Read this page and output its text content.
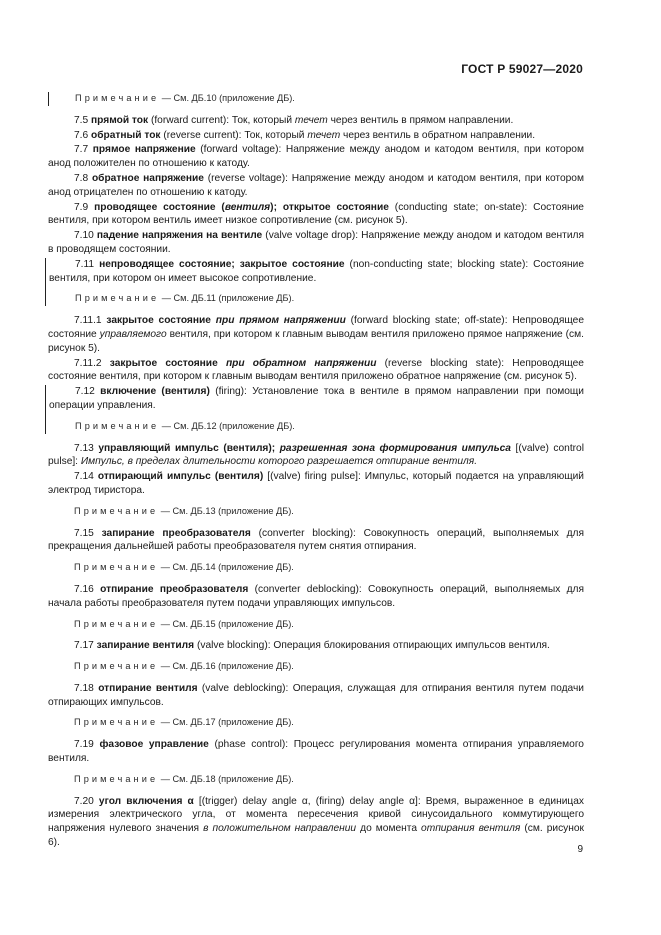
ГОСТ Р 59027—2020

Примечание — См. ДБ.10 (приложение ДБ).

7.5 прямой ток (forward current): Ток, который течет через вентиль в прямом направлении.

7.6 обратный ток (reverse current): Ток, который течет через вентиль в обратном направлении.

7.7 прямое напряжение (forward voltage): Напряжение между анодом и катодом вентиля, при котором анод положителен по отношению к катоду.

7.8 обратное напряжение (reverse voltage): Напряжение между анодом и катодом вентиля, при котором анод отрицателен по отношению к катоду.

7.9 проводящее состояние (вентиля); открытое состояние (conducting state; on-state): Состояние вентиля, при котором вентиль имеет низкое сопротивление (см. рисунок 5).

7.10 падение напряжения на вентиле (valve voltage drop): Напряжение между анодом и катодом вентиля в проводящем состоянии.

7.11 непроводящее состояние; закрытое состояние (non-conducting state; blocking state): Состояние вентиля, при котором он имеет высокое сопротивление.

Примечание — См. ДБ.11 (приложение ДБ).

7.11.1 закрытое состояние при прямом напряжении (forward blocking state; off-state): Непроводящее состояние управляемого вентиля, при котором к главным выводам вентиля приложено прямое напряжение (см. рисунок 5).

7.11.2 закрытое состояние при обратном напряжении (reverse blocking state): Непроводящее состояние вентиля, при котором к главным выводам вентиля приложено обратное напряжение (см. рисунок 5).

7.12 включение (вентиля) (firing): Установление тока в вентиле в прямом направлении при помощи операции управления.

Примечание — См. ДБ.12 (приложение ДБ).

7.13 управляющий импульс (вентиля); разрешенная зона формирования импульса [(valve) control pulse]: Импульс, в пределах длительности которого разрешается отпирание вентиля.

7.14 отпирающий импульс (вентиля) [(valve) firing pulse]: Импульс, который подается на управляющий электрод тиристора.

Примечание — См. ДБ.13 (приложение ДБ).

7.15 запирание преобразователя (converter blocking): Совокупность операций, выполняемых для прекращения дальнейшей работы преобразователя путем снятия отпирания.

Примечание — См. ДБ.14 (приложение ДБ).

7.16 отпирание преобразователя (converter deblocking): Совокупность операций, выполняемых для начала работы преобразователя путем подачи управляющих импульсов.

Примечание — См. ДБ.15 (приложение ДБ).

7.17 запирание вентиля (valve blocking): Операция блокирования отпирающих импульсов вентиля.

Примечание — См. ДБ.16 (приложение ДБ).

7.18 отпирание вентиля (valve deblocking): Операция, служащая для отпирания вентиля путем подачи отпирающих импульсов.

Примечание — См. ДБ.17 (приложение ДБ).

7.19 фазовое управление (phase control): Процесс регулирования момента отпирания управляемого вентиля.

Примечание — См. ДБ.18 (приложение ДБ).

7.20 угол включения α [(trigger) delay angle α, (firing) delay angle α]: Время, выраженное в единицах измерения электрического угла, от момента пересечения кривой синусоидального коммутирующего напряжения нулевого значения в положительном направлении до момента отпирания вентиля (см. рисунок 6).

9
